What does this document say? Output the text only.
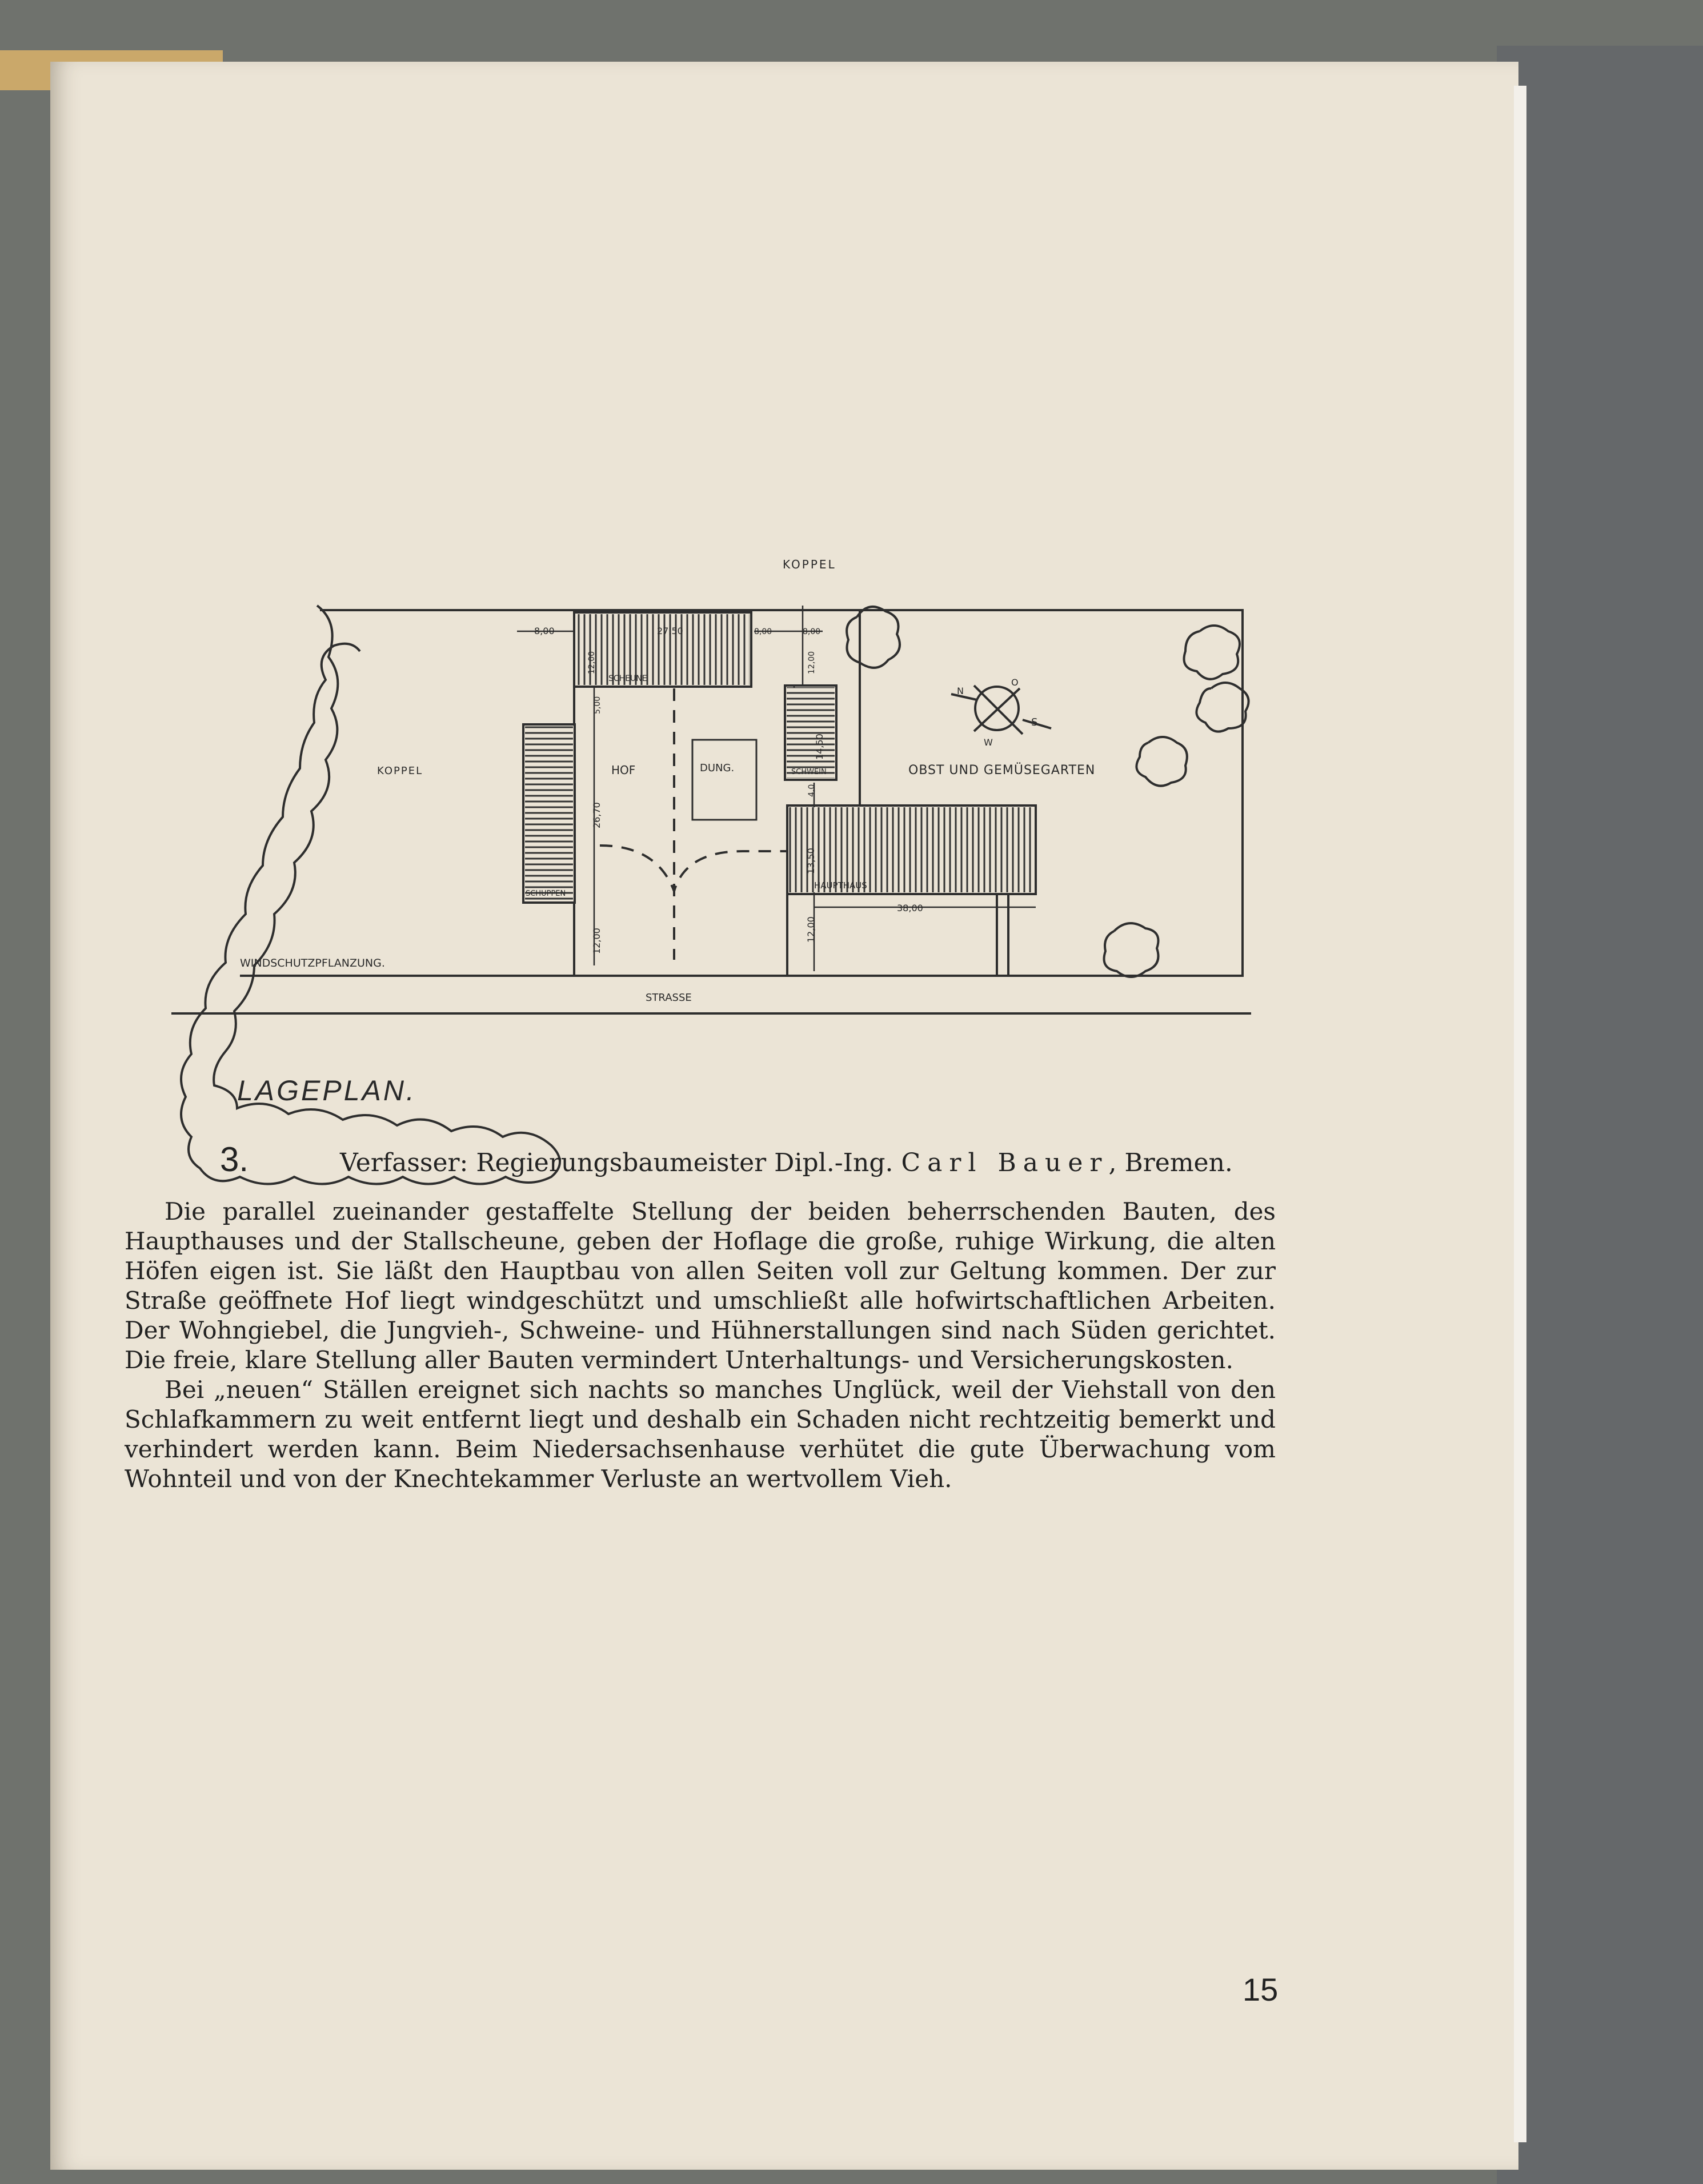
KOPPEL
KOPPEL
SCHEUNE
SCHUPPEN
HOF	DUNG.	SCHWEIN
HAUPTHAUS
OBST UND GEMÜSEGARTEN
WINDSCHUTZPFLANZUNG.
STRASSE
8,00	27,50	8,00	8,00
12,00	12,00
5,00
26,70
14,50
4,0
13,50
12,00	12,00
38,00
N
O
S
W
LAGEPLAN.
3.	Verfasser: Regierungsbaumeister Dipl.-Ing. Carl Bauer, Bremen.

Die parallel zueinander gestaffelte Stellung der beiden beherrschenden Bauten, des Haupthauses und der Stallscheune, geben der Hoflage die große, ruhige Wirkung, die alten Höfen eigen ist. Sie läßt den Hauptbau von allen Seiten voll zur Geltung kommen. Der zur Straße geöffnete Hof liegt windgeschützt und umschließt alle hofwirtschaftlichen Arbeiten. Der Wohngiebel, die Jungvieh-, Schweine- und Hühnerstallungen sind nach Süden gerichtet. Die freie, klare Stellung aller Bauten vermindert Unterhaltungs- und Versicherungskosten.

Bei „neuen“ Ställen ereignet sich nachts so manches Unglück, weil der Viehstall von den Schlafkammern zu weit entfernt liegt und deshalb ein Schaden nicht rechtzeitig bemerkt und verhindert werden kann. Beim Niedersachsenhause verhütet die gute Überwachung vom Wohnteil und von der Knechtekammer Verluste an wertvollem Vieh.

15
